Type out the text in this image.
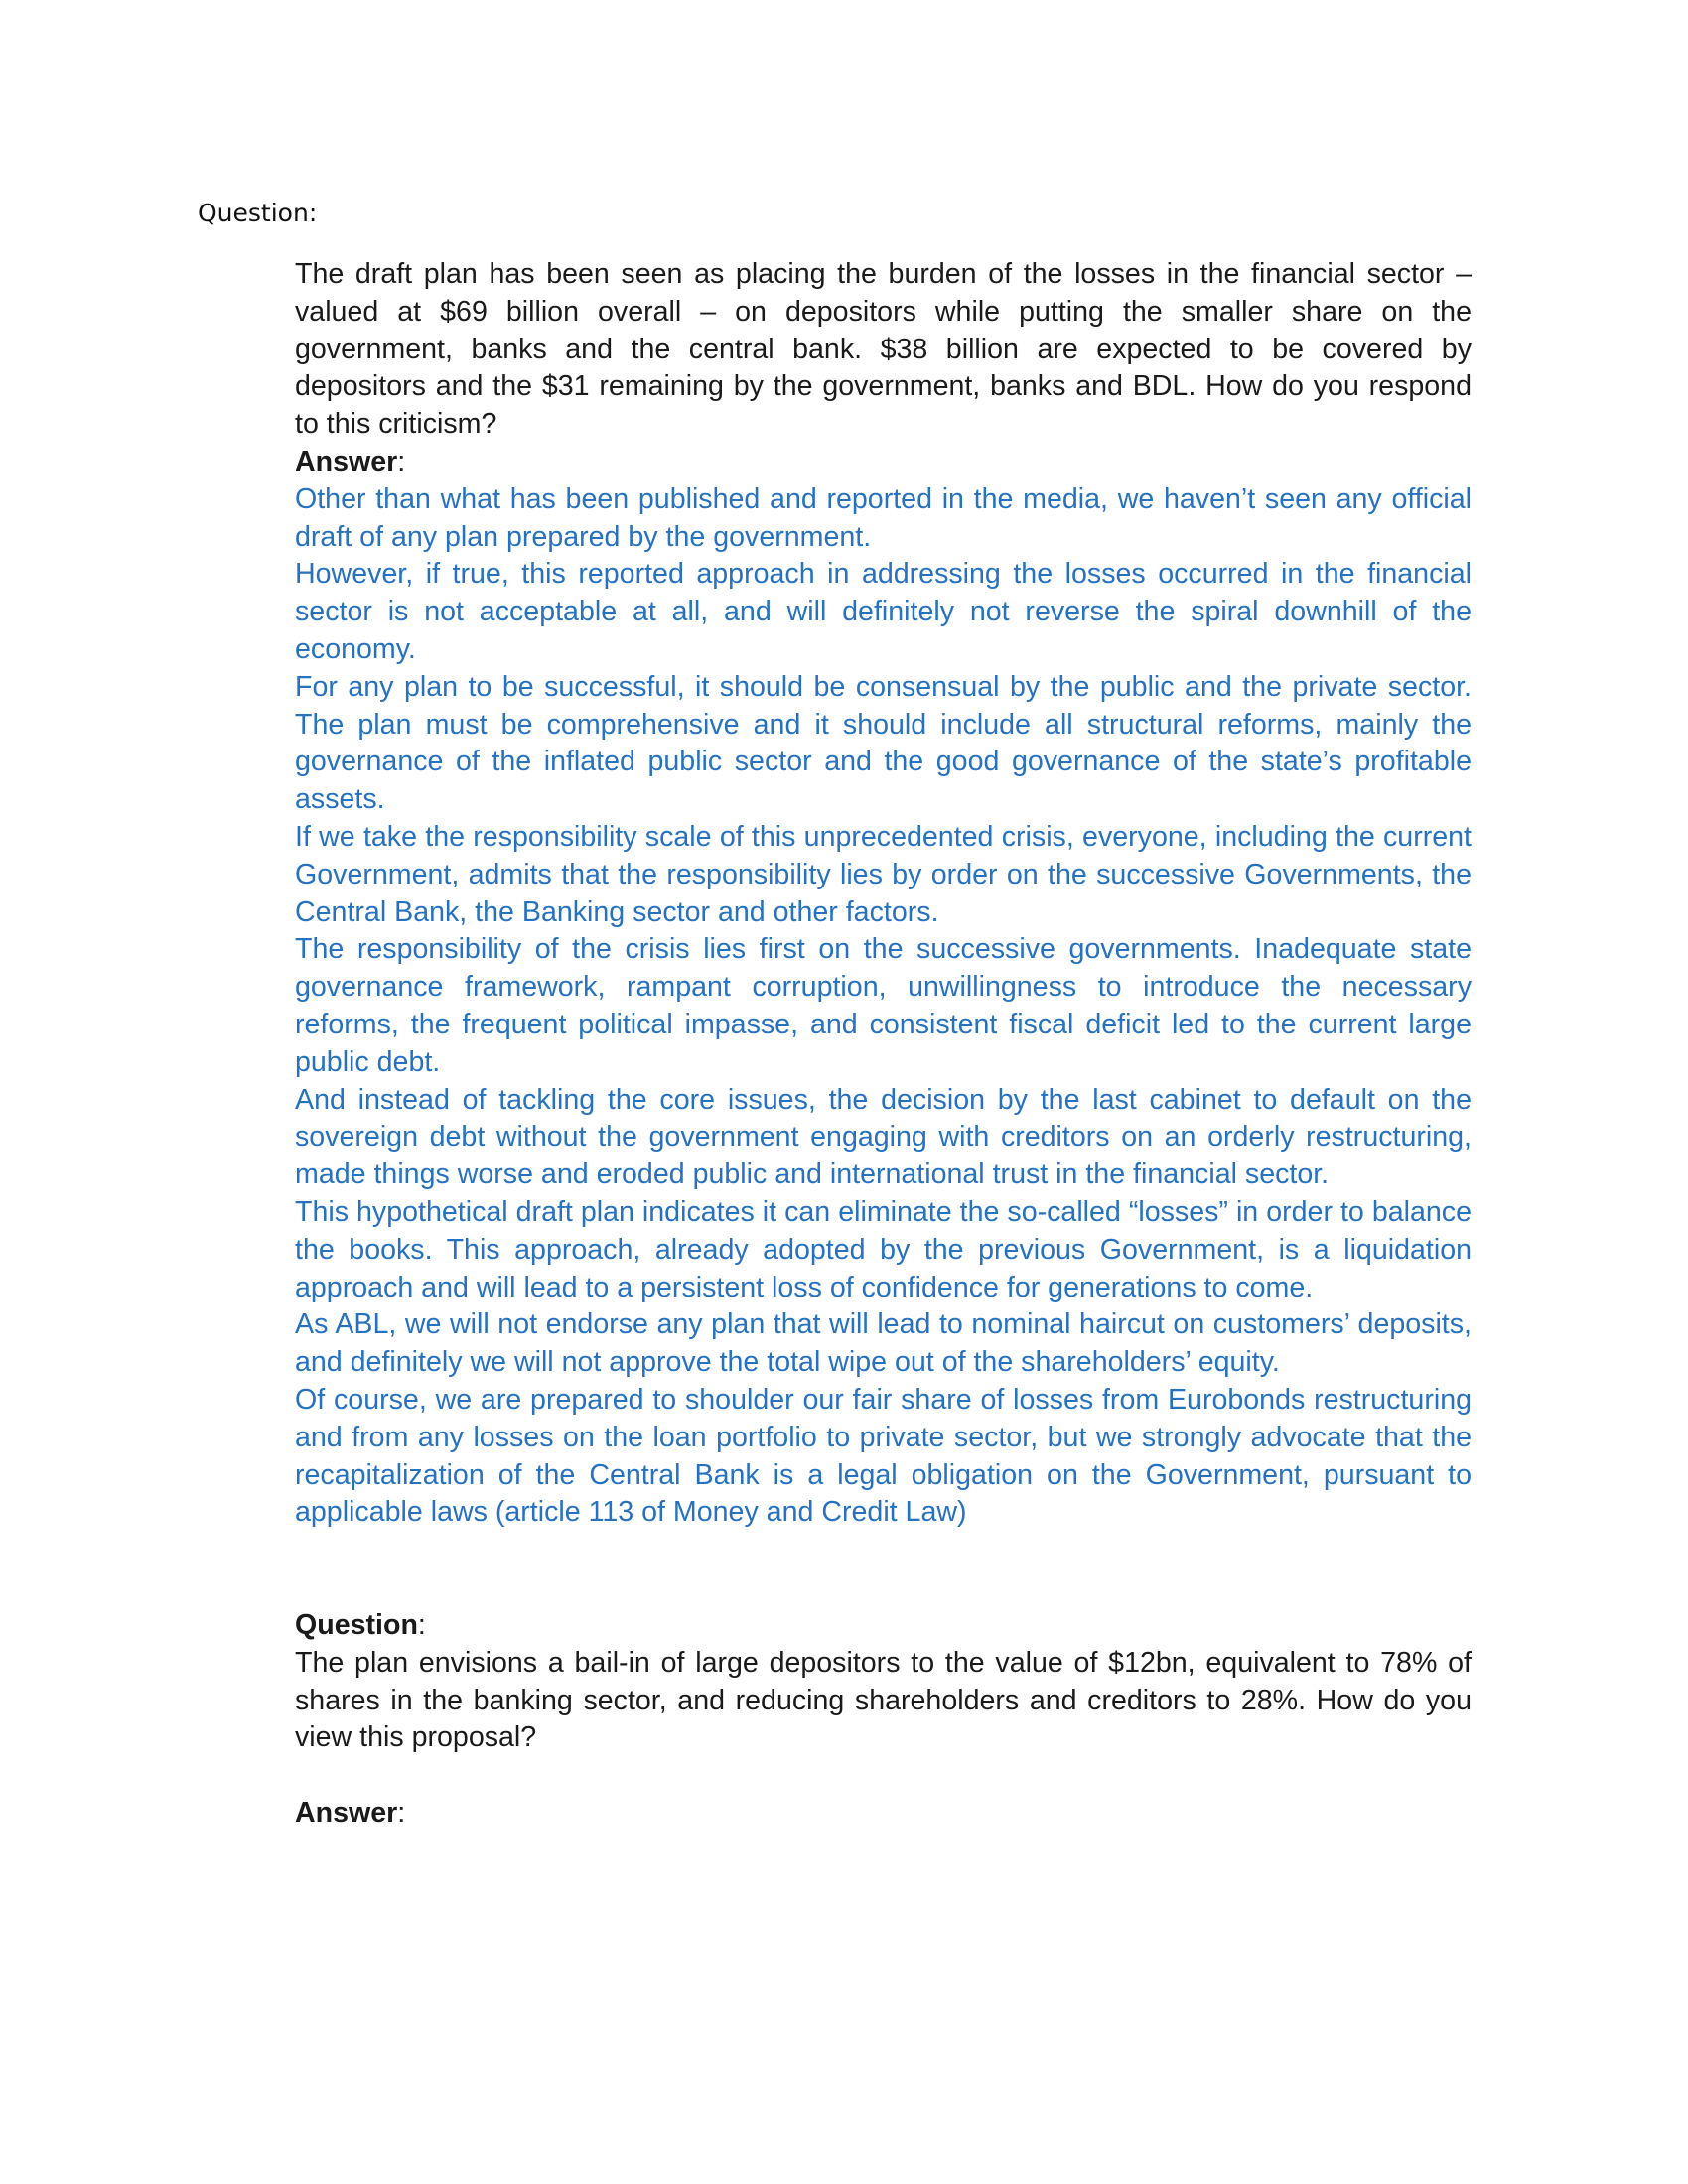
Question:

The draft plan has been seen as placing the burden of the losses in the financial sector – valued at $69 billion overall – on depositors while putting the smaller share on the government, banks and the central bank. $38 billion are expected to be covered by depositors and the $31 remaining by the government, banks and BDL. How do you respond to this criticism?

Answer:

Other than what has been published and reported in the media, we haven’t seen any official draft of any plan prepared by the government.

However, if true, this reported approach in addressing the losses occurred in the financial sector is not acceptable at all, and will definitely not reverse the spiral downhill of the economy.

For any plan to be successful, it should be consensual by the public and the private sector. The plan must be comprehensive and it should include all structural reforms, mainly the governance of the inflated public sector and the good governance of the state’s profitable assets.

If we take the responsibility scale of this unprecedented crisis, everyone, including the current Government, admits that the responsibility lies by order on the successive Governments, the Central Bank, the Banking sector and other factors.

The responsibility of the crisis lies first on the successive governments. Inadequate state governance framework, rampant corruption, unwillingness to introduce the necessary reforms, the frequent political impasse, and consistent fiscal deficit led to the current large public debt.

And instead of tackling the core issues, the decision by the last cabinet to default on the sovereign debt without the government engaging with creditors on an orderly restructuring, made things worse and eroded public and international trust in the financial sector.

This hypothetical draft plan indicates it can eliminate the so-called “losses” in order to balance the books. This approach, already adopted by the previous Government, is a liquidation approach and will lead to a persistent loss of confidence for generations to come.

As ABL, we will not endorse any plan that will lead to nominal haircut on customers’ deposits, and definitely we will not approve the total wipe out of the shareholders’ equity.

Of course, we are prepared to shoulder our fair share of losses from Eurobonds restructuring and from any losses on the loan portfolio to private sector, but we strongly advocate that the recapitalization of the Central Bank is a legal obligation on the Government, pursuant to applicable laws (article 113 of Money and Credit Law)

Question:

The plan envisions a bail-in of large depositors to the value of $12bn, equivalent to 78% of shares in the banking sector, and reducing shareholders and creditors to 28%. How do you view this proposal?

Answer:
